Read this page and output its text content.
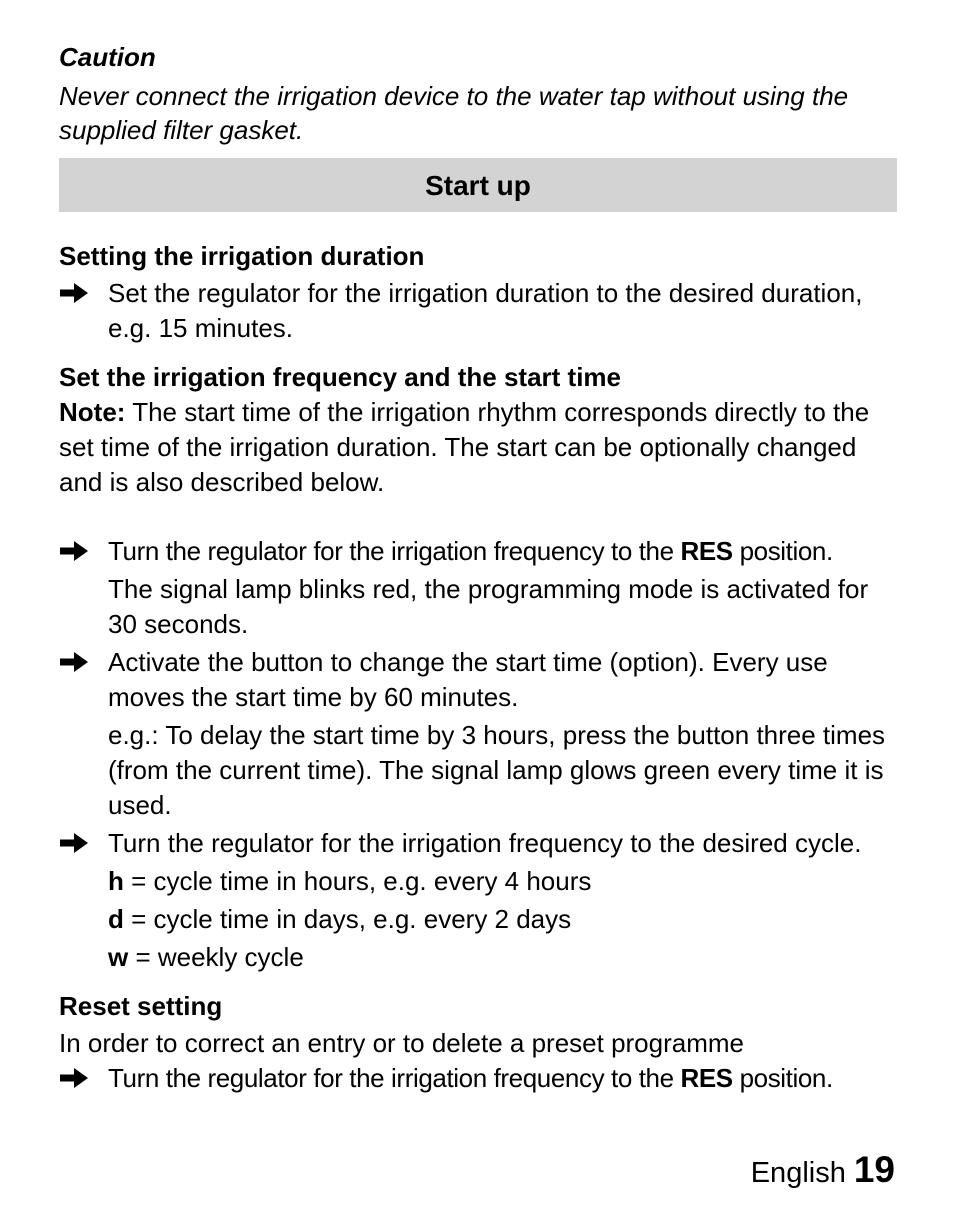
Caution

Never connect the irrigation device to the water tap without using the supplied filter gasket.

Start up

Setting the irrigation duration

Set the regulator for the irrigation duration to the desired duration, e.g. 15 minutes.

Set the irrigation frequency and the start time

Note: The start time of the irrigation rhythm corresponds directly to the set time of the irrigation duration. The start can be optionally changed and is also described below.

Turn the regulator for the irrigation frequency to the RES position.

The signal lamp blinks red, the programming mode is activated for 30 seconds.

Activate the button to change the start time (option). Every use moves the start time by 60 minutes.

e.g.: To delay the start time by 3 hours, press the button three times (from the current time). The signal lamp glows green every time it is used.

Turn the regulator for the irrigation frequency to the desired cycle.

h = cycle time in hours, e.g. every 4 hours

d = cycle time in days, e.g. every 2 days

w = weekly cycle

Reset setting

In order to correct an entry or to delete a preset programme

Turn the regulator for the irrigation frequency to the RES position.

English 19
